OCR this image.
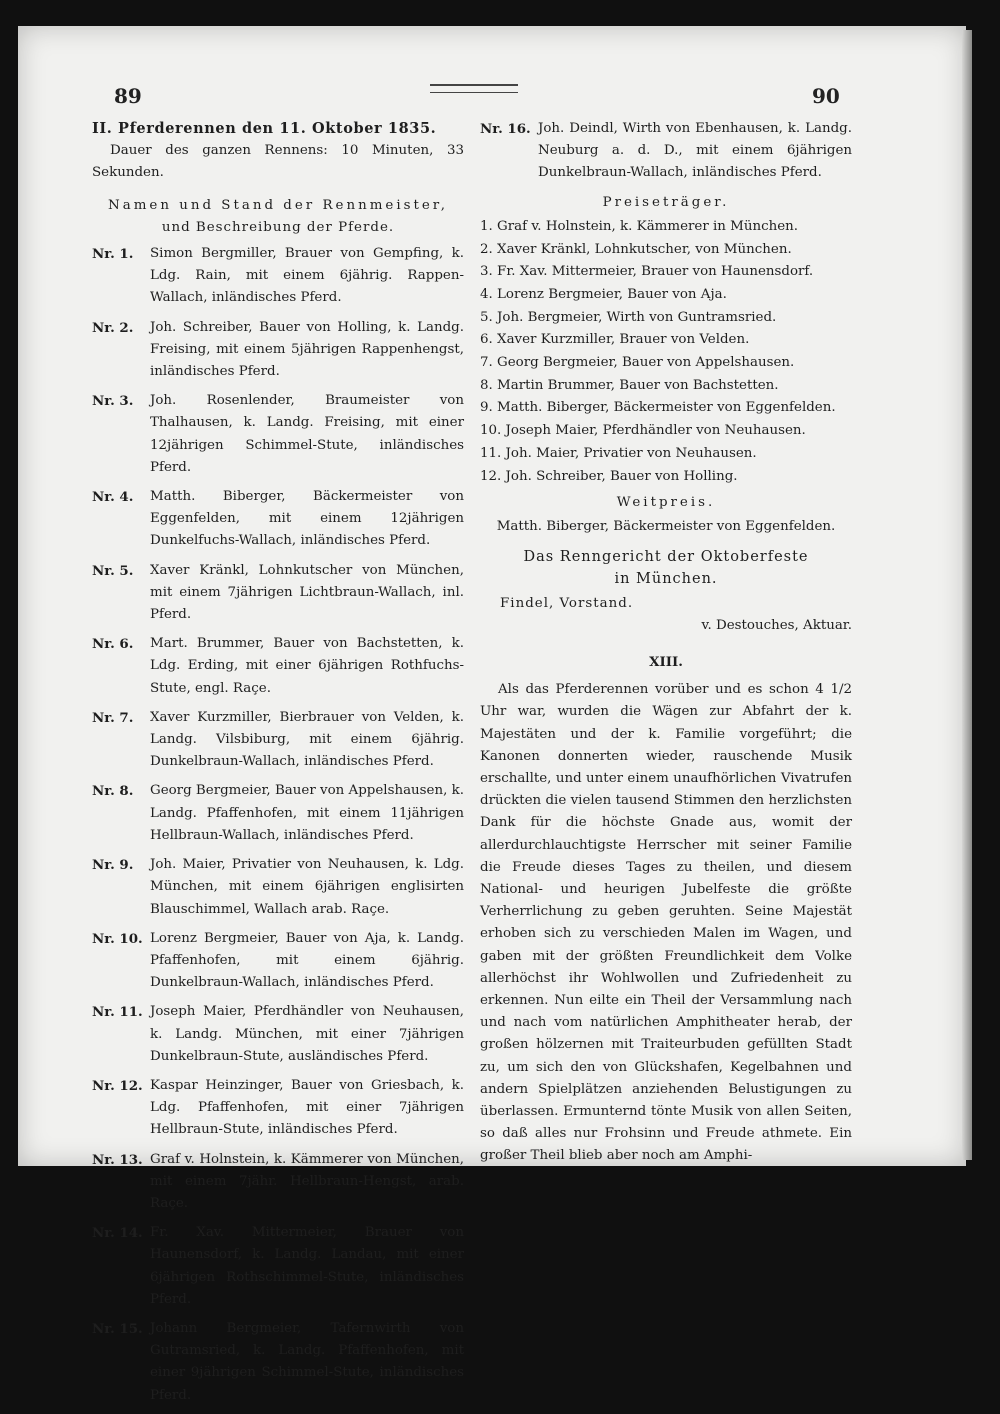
89	90

II. Pferderennen den 11. Oktober 1835.

Dauer des ganzen Rennens: 10 Minuten, 33 Sekunden.

Namen und Stand der Rennmeister,

und Beschreibung der Pferde.

Nr. 1.	Simon Bergmiller, Brauer von Gempfing, k. Ldg. Rain, mit einem 6jährig. Rappen-Wallach, inländisches Pferd.
Nr. 2.	Joh. Schreiber, Bauer von Holling, k. Landg. Freising, mit einem 5jährigen Rappenhengst, inländisches Pferd.
Nr. 3.	Joh. Rosenlender, Braumeister von Thalhausen, k. Landg. Freising, mit einer 12jährigen Schimmel-Stute, inländisches Pferd.
Nr. 4.	Matth. Biberger, Bäckermeister von Eggenfelden, mit einem 12jährigen Dunkelfuchs-Wallach, inländisches Pferd.
Nr. 5.	Xaver Kränkl, Lohnkutscher von München, mit einem 7jährigen Lichtbraun-Wallach, inl. Pferd.
Nr. 6.	Mart. Brummer, Bauer von Bachstetten, k. Ldg. Erding, mit einer 6jährigen Rothfuchs-Stute, engl. Raçe.
Nr. 7.	Xaver Kurzmiller, Bierbrauer von Velden, k. Landg. Vilsbiburg, mit einem 6jährig. Dunkelbraun-Wallach, inländisches Pferd.
Nr. 8.	Georg Bergmeier, Bauer von Appelshausen, k. Landg. Pfaffenhofen, mit einem 11jährigen Hellbraun-Wallach, inländisches Pferd.
Nr. 9.	Joh. Maier, Privatier von Neuhausen, k. Ldg. München, mit einem 6jährigen englisirten Blauschimmel, Wallach arab. Raçe.
Nr. 10. Lorenz Bergmeier, Bauer von Aja, k. Landg. Pfaffenhofen, mit einem 6jährig. Dunkelbraun-Wallach, inländisches Pferd.
Nr. 11. Joseph Maier, Pferdhändler von Neuhausen, k. Landg. München, mit einer 7jährigen Dunkelbraun-Stute, ausländisches Pferd.
Nr. 12. Kaspar Heinzinger, Bauer von Griesbach, k. Ldg. Pfaffenhofen, mit einer 7jährigen Hellbraun-Stute, inländisches Pferd.
Nr. 13. Graf v. Holnstein, k. Kämmerer von München, mit einem 7jähr. Hellbraun-Hengst, arab. Raçe.
Nr. 14. Fr. Xav. Mittermeier, Brauer von Haunensdorf, k. Landg. Landau, mit einer 6jährigen Rothschimmel-Stute, inländisches Pferd.
Nr. 15. Johann Bergmeier, Tafernwirth von Gutramsried, k. Landg. Pfaffenhofen, mit einer 9jährigen Schimmel-Stute, inländisches Pferd.
Nr. 16. Joh. Deindl, Wirth von Ebenhausen, k. Landg. Neuburg a. d. D., mit einem 6jährigen Dunkelbraun-Wallach, inländisches Pferd.

Preiseträger.

1. Graf v. Holnstein, k. Kämmerer in München.

2. Xaver Kränkl, Lohnkutscher, von München.

3. Fr. Xav. Mittermeier, Brauer von Haunensdorf.

4. Lorenz Bergmeier, Bauer von Aja.

5. Joh. Bergmeier, Wirth von Guntramsried.

6. Xaver Kurzmiller, Brauer von Velden.

7. Georg Bergmeier, Bauer von Appelshausen.

8. Martin Brummer, Bauer von Bachstetten.

9. Matth. Biberger, Bäckermeister von Eggenfelden.

10. Joseph Maier, Pferdhändler von Neuhausen.

11. Joh. Maier, Privatier von Neuhausen.

12. Joh. Schreiber, Bauer von Holling.

Weitpreis.

Matth. Biberger, Bäckermeister von Eggenfelden.

Das Renngericht der Oktoberfeste

in München.

Findel, Vorstand.

v. Destouches, Aktuar.

XIII.

Als das Pferderennen vorüber und es schon 4 1/2 Uhr war, wurden die Wägen zur Abfahrt der k. Majestäten und der k. Familie vorgeführt; die Kanonen donnerten wieder, rauschende Musik erschallte, und unter einem unaufhörlichen Vivatrufen drückten die vielen tausend Stimmen den herzlichsten Dank für die höchste Gnade aus, womit der allerdurchlauchtigste Herrscher mit seiner Familie die Freude dieses Tages zu theilen, und diesem National- und heurigen Jubelfeste die größte Verherrlichung zu geben geruhten. Seine Majestät erhoben sich zu verschieden Malen im Wagen, und gaben mit der größten Freundlichkeit dem Volke allerhöchst ihr Wohlwollen und Zufriedenheit zu erkennen. Nun eilte ein Theil der Versammlung nach und nach vom natürlichen Amphitheater herab, der großen hölzernen mit Traiteurbuden gefüllten Stadt zu, um sich den von Glückshafen, Kegelbahnen und andern Spielplätzen anziehenden Belustigungen zu überlassen. Ermunternd tönte Musik von allen Seiten, so daß alles nur Frohsinn und Freude athmete. Ein großer Theil blieb aber noch am Amphi-
